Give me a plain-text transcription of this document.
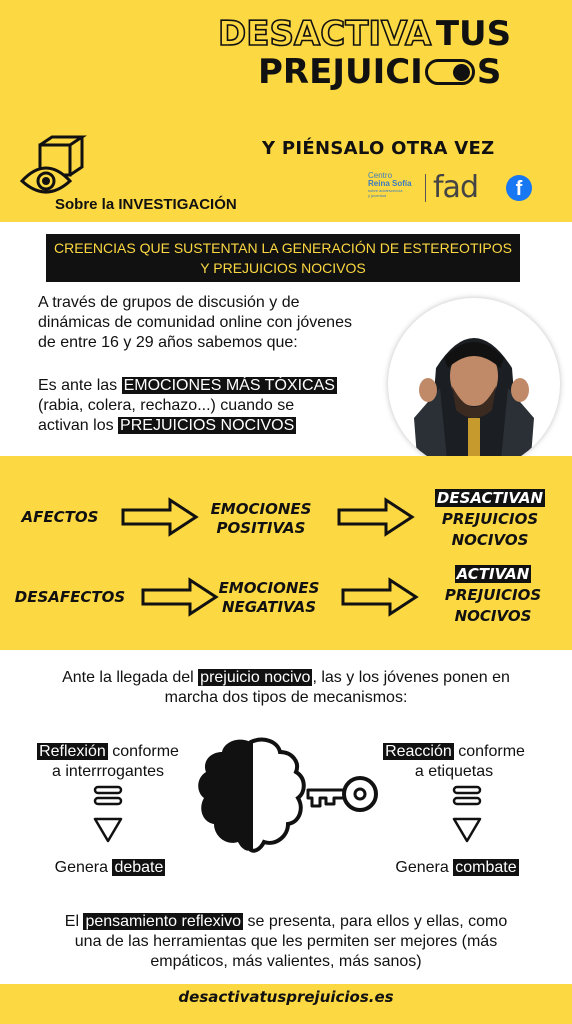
DESACTIVA TUS
PREJUICI S
Sobre la INVESTIGACIÓN
Y PIÉNSALO OTRA VEZ
Centro
Reina Sofía
sobre adolescencia
y juventud	fad	f
CREENCIAS QUE SUSTENTAN LA GENERACIÓN DE ESTEREOTIPOS
Y PREJUICIOS NOCIVOS
A través de grupos de discusión y de
dinámicas de comunidad online con jóvenes
de entre 16 y 29 años sabemos que:
Es ante las EMOCIONES MÁS TÓXICAS
(rabia, colera, rechazo...) cuando se
activan los PREJUICIOS NOCIVOS
AFECTOS	EMOCIONES
POSITIVAS
DESACTIVAN
PREJUICIOS
NOCIVOS
DESAFECTOS	EMOCIONES
NEGATIVAS
ACTIVAN
PREJUICIOS
NOCIVOS
Ante la llegada del prejuicio nocivo , las y los jóvenes ponen en
marcha dos tipos de mecanismos:
Reflexión conforme
a interrrogantes
Genera debate
Reacción conforme
a etiquetas
Genera combate
El pensamiento reflexivo se presenta, para ellos y ellas, como
una de las herramientas que les permiten ser mejores (más
empáticos, más valientes, más sanos)
desactivatusprejuicios.es
